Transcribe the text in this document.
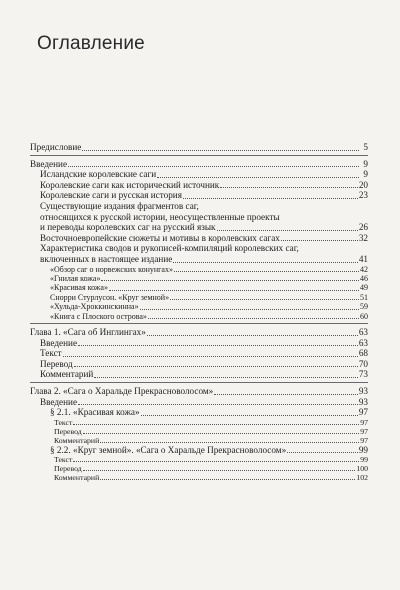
Оглавление
Предисловие	5
Введение	9
Исландские королевские саги	9
Королевские саги как исторический источник	20
Королевские саги и русская история	23
Существующие издания фрагментов саг,
относящихся к русской истории, неосуществленные проекты
и переводы королевских саг на русский язык	26
Восточноевропейские сюжеты и мотивы в королевских сагах	32
Характеристика сводов и рукописей-компиляций королевских саг,
включенных в настоящее издание	41
«Обзор саг о норвежских конунгах»	42
«Гнилая кожа»	46
«Красивая кожа»	49
Снорри Стурлусон. «Круг земной»	51
«Хульда-Хроккинскинна»	59
«Книга с Плоского острова»	60
Глава 1. «Сага об Инглингах»	63
Введение	63
Текст	68
Перевод	70
Комментарий	73
Глава 2. «Сага о Харальде Прекрасноволосом»	93
Введение	93
§ 2.1. «Красивая кожа»	97
Текст	97
Перевод	97
Комментарий	97
§ 2.2. «Круг земной». «Сага о Харальде Прекрасноволосом»	99
Текст	99
Перевод	100
Комментарий	102
